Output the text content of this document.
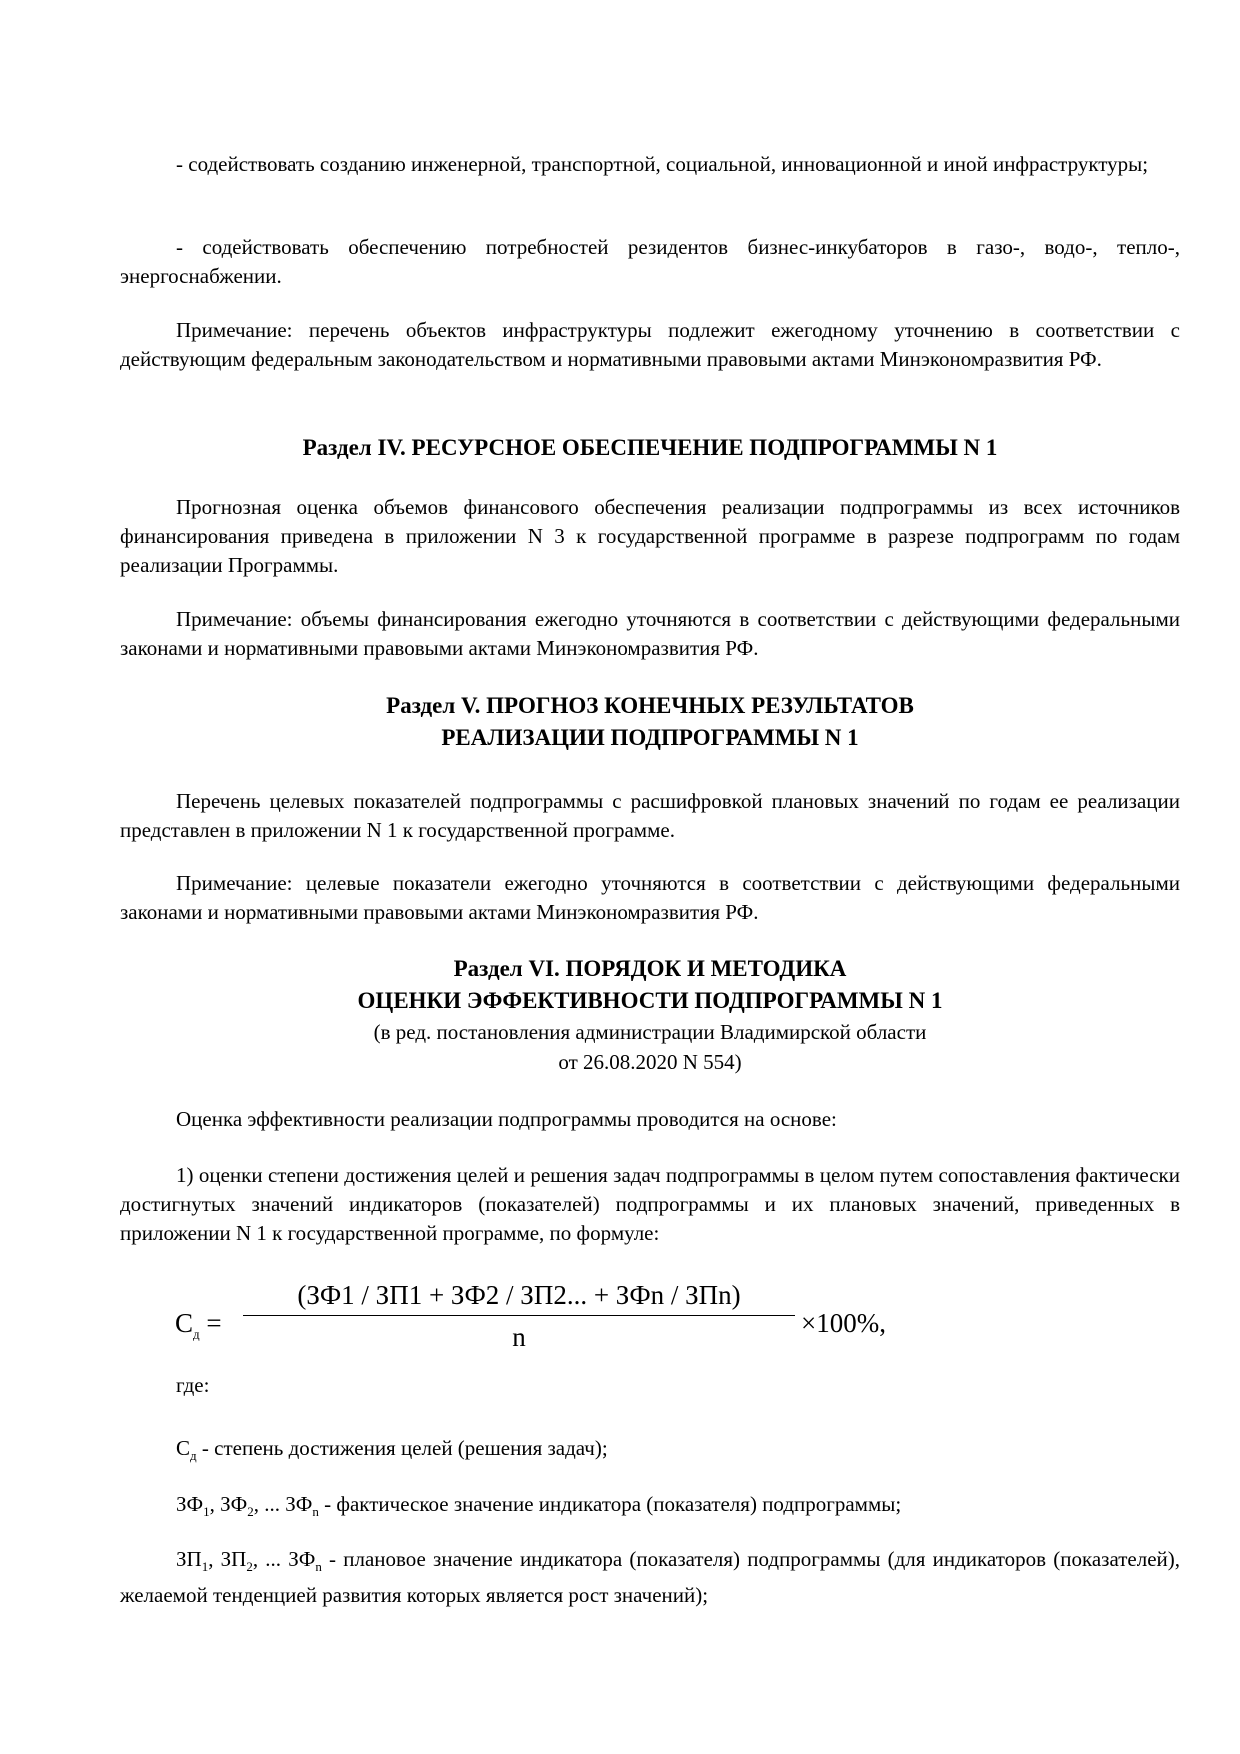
- содействовать созданию инженерной, транспортной, социальной, инновационной и иной инфраструктуры;

- содействовать обеспечению потребностей резидентов бизнес-инкубаторов в газо-, водо-, тепло-, энергоснабжении.

Примечание: перечень объектов инфраструктуры подлежит ежегодному уточнению в соответствии с действующим федеральным законодательством и нормативными правовыми актами Минэкономразвития РФ.

Раздел IV. РЕСУРСНОЕ ОБЕСПЕЧЕНИЕ ПОДПРОГРАММЫ N 1

Прогнозная оценка объемов финансового обеспечения реализации подпрограммы из всех источников финансирования приведена в приложении N 3 к государственной программе в разрезе подпрограмм по годам реализации Программы.

Примечание: объемы финансирования ежегодно уточняются в соответствии с действующими федеральными законами и нормативными правовыми актами Минэкономразвития РФ.

Раздел V. ПРОГНОЗ КОНЕЧНЫХ РЕЗУЛЬТАТОВ

РЕАЛИЗАЦИИ ПОДПРОГРАММЫ N 1

Перечень целевых показателей подпрограммы с расшифровкой плановых значений по годам ее реализации представлен в приложении N 1 к государственной программе.

Примечание: целевые показатели ежегодно уточняются в соответствии с действующими федеральными законами и нормативными правовыми актами Минэкономразвития РФ.

Раздел VI. ПОРЯДОК И МЕТОДИКА

ОЦЕНКИ ЭФФЕКТИВНОСТИ ПОДПРОГРАММЫ N 1

(в ред. постановления администрации Владимирской области

от 26.08.2020 N 554)

Оценка эффективности реализации подпрограммы проводится на основе:

1) оценки степени достижения целей и решения задач подпрограммы в целом путем сопоставления фактически достигнутых значений индикаторов (показателей) подпрограммы и их плановых значений, приведенных в приложении N 1 к государственной программе, по формуле:

$C_д$ =
(ЗФ1 / ЗП1 + ЗФ2 / ЗП2... + ЗФn / ЗПn)
n	×100%,

где:

$С_д$ - степень достижения целей (решения задач);

$ЗФ_1$, $ЗФ_2$, ... $ЗФ_n$ - фактическое значение индикатора (показателя) подпрограммы;

$ЗП_1$, $ЗП_2$, ... $ЗФ_n$ - плановое значение индикатора (показателя) подпрограммы (для индикаторов (показателей), желаемой тенденцией развития которых является рост значений);
